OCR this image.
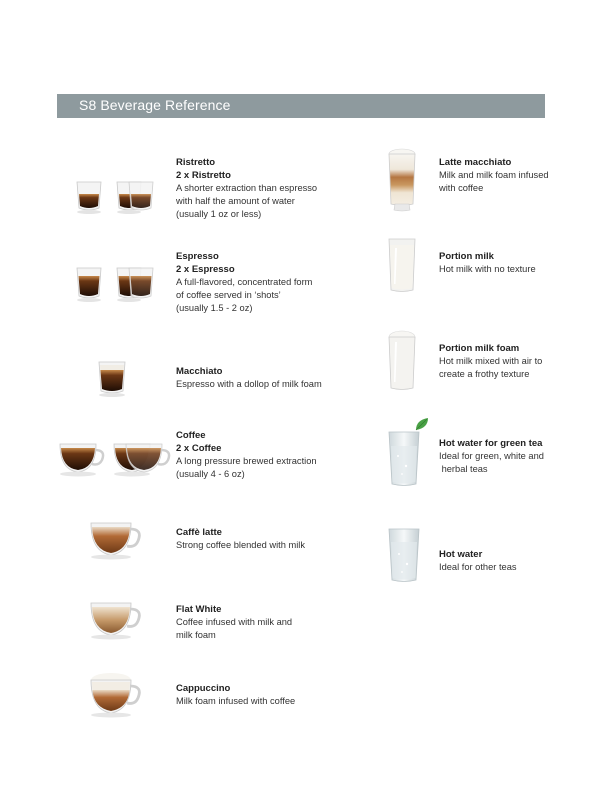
S8 Beverage Reference
Ristretto
2 x Ristretto
A shorter extraction than espresso
with half the amount of water
(usually 1 oz or less)
Espresso
2 x Espresso
A full-flavored, concentrated form
of coffee served in ‘shots’
(usually 1.5 - 2 oz)
Macchiato
Espresso with a dollop of milk foam
Coffee
2 x Coffee
A long pressure brewed extraction
(usually 4 - 6 oz)
Caffè latte
Strong coffee blended with milk
Flat White
Coffee infused with milk and
milk foam
Cappuccino
Milk foam infused with coffee
Latte macchiato
Milk and milk foam infused
with coffee
Portion milk
Hot milk with no texture
Portion milk foam
Hot milk mixed with air to
create a frothy texture
Hot water for green tea
Ideal for green, white and
herbal teas
Hot water
Ideal for other teas
